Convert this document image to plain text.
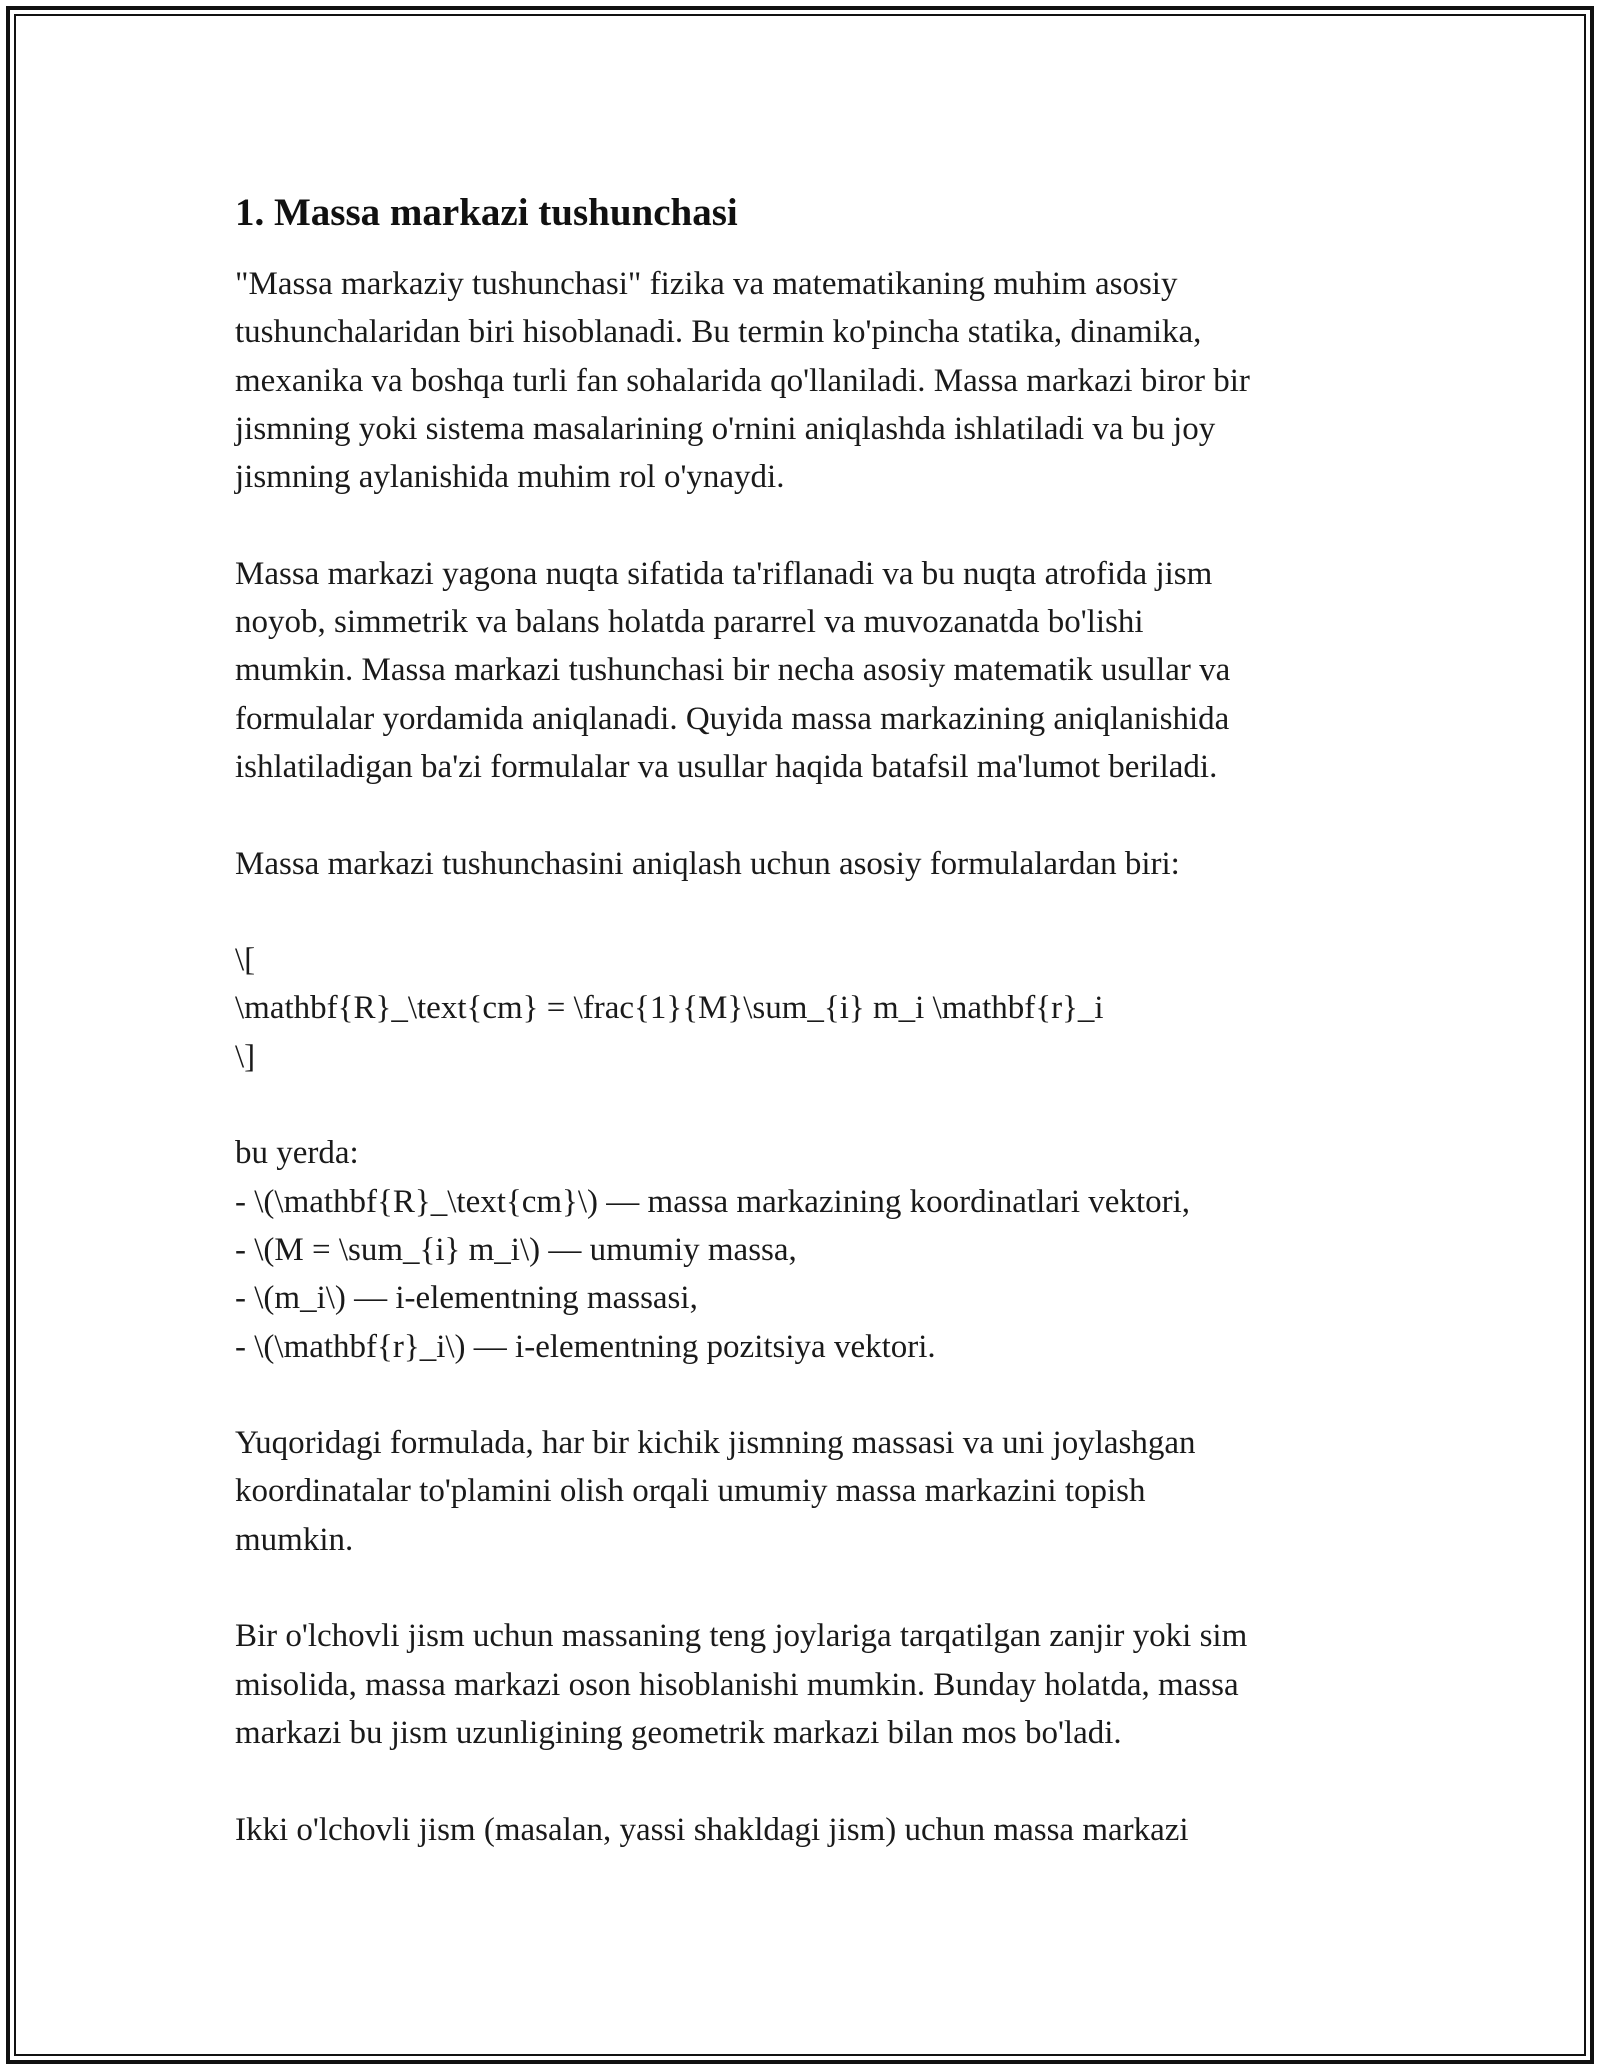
1. Massa markazi tushunchasi

"Massa markaziy tushunchasi" fizika va matematikaning muhim asosiy
tushunchalaridan biri hisoblanadi. Bu termin ko'pincha statika, dinamika,
mexanika va boshqa turli fan sohalarida qo'llaniladi. Massa markazi biror bir
jismning yoki sistema masalarining o'rnini aniqlashda ishlatiladi va bu joy
jismning aylanishida muhim rol o'ynaydi.

Massa markazi yagona nuqta sifatida ta'riflanadi va bu nuqta atrofida jism
noyob, simmetrik va balans holatda pararrel va muvozanatda bo'lishi
mumkin. Massa markazi tushunchasi bir necha asosiy matematik usullar va
formulalar yordamida aniqlanadi. Quyida massa markazining aniqlanishida
ishlatiladigan ba'zi formulalar va usullar haqida batafsil ma'lumot beriladi.

Massa markazi tushunchasini aniqlash uchun asosiy formulalardan biri:

\[
\mathbf{R}_\text{cm} = \frac{1}{M}\sum_{i} m_i \mathbf{r}_i
\]

bu yerda:
- \(\mathbf{R}_\text{cm}\) — massa markazining koordinatlari vektori,
- \(M = \sum_{i} m_i\) — umumiy massa,
- \(m_i\) — i-elementning massasi,
- \(\mathbf{r}_i\) — i-elementning pozitsiya vektori.

Yuqoridagi formulada, har bir kichik jismning massasi va uni joylashgan
koordinatalar to'plamini olish orqali umumiy massa markazini topish
mumkin.

Bir o'lchovli jism uchun massaning teng joylariga tarqatilgan zanjir yoki sim
misolida, massa markazi oson hisoblanishi mumkin. Bunday holatda, massa
markazi bu jism uzunligining geometrik markazi bilan mos bo'ladi.

Ikki o'lchovli jism (masalan, yassi shakldagi jism) uchun massa markazi
